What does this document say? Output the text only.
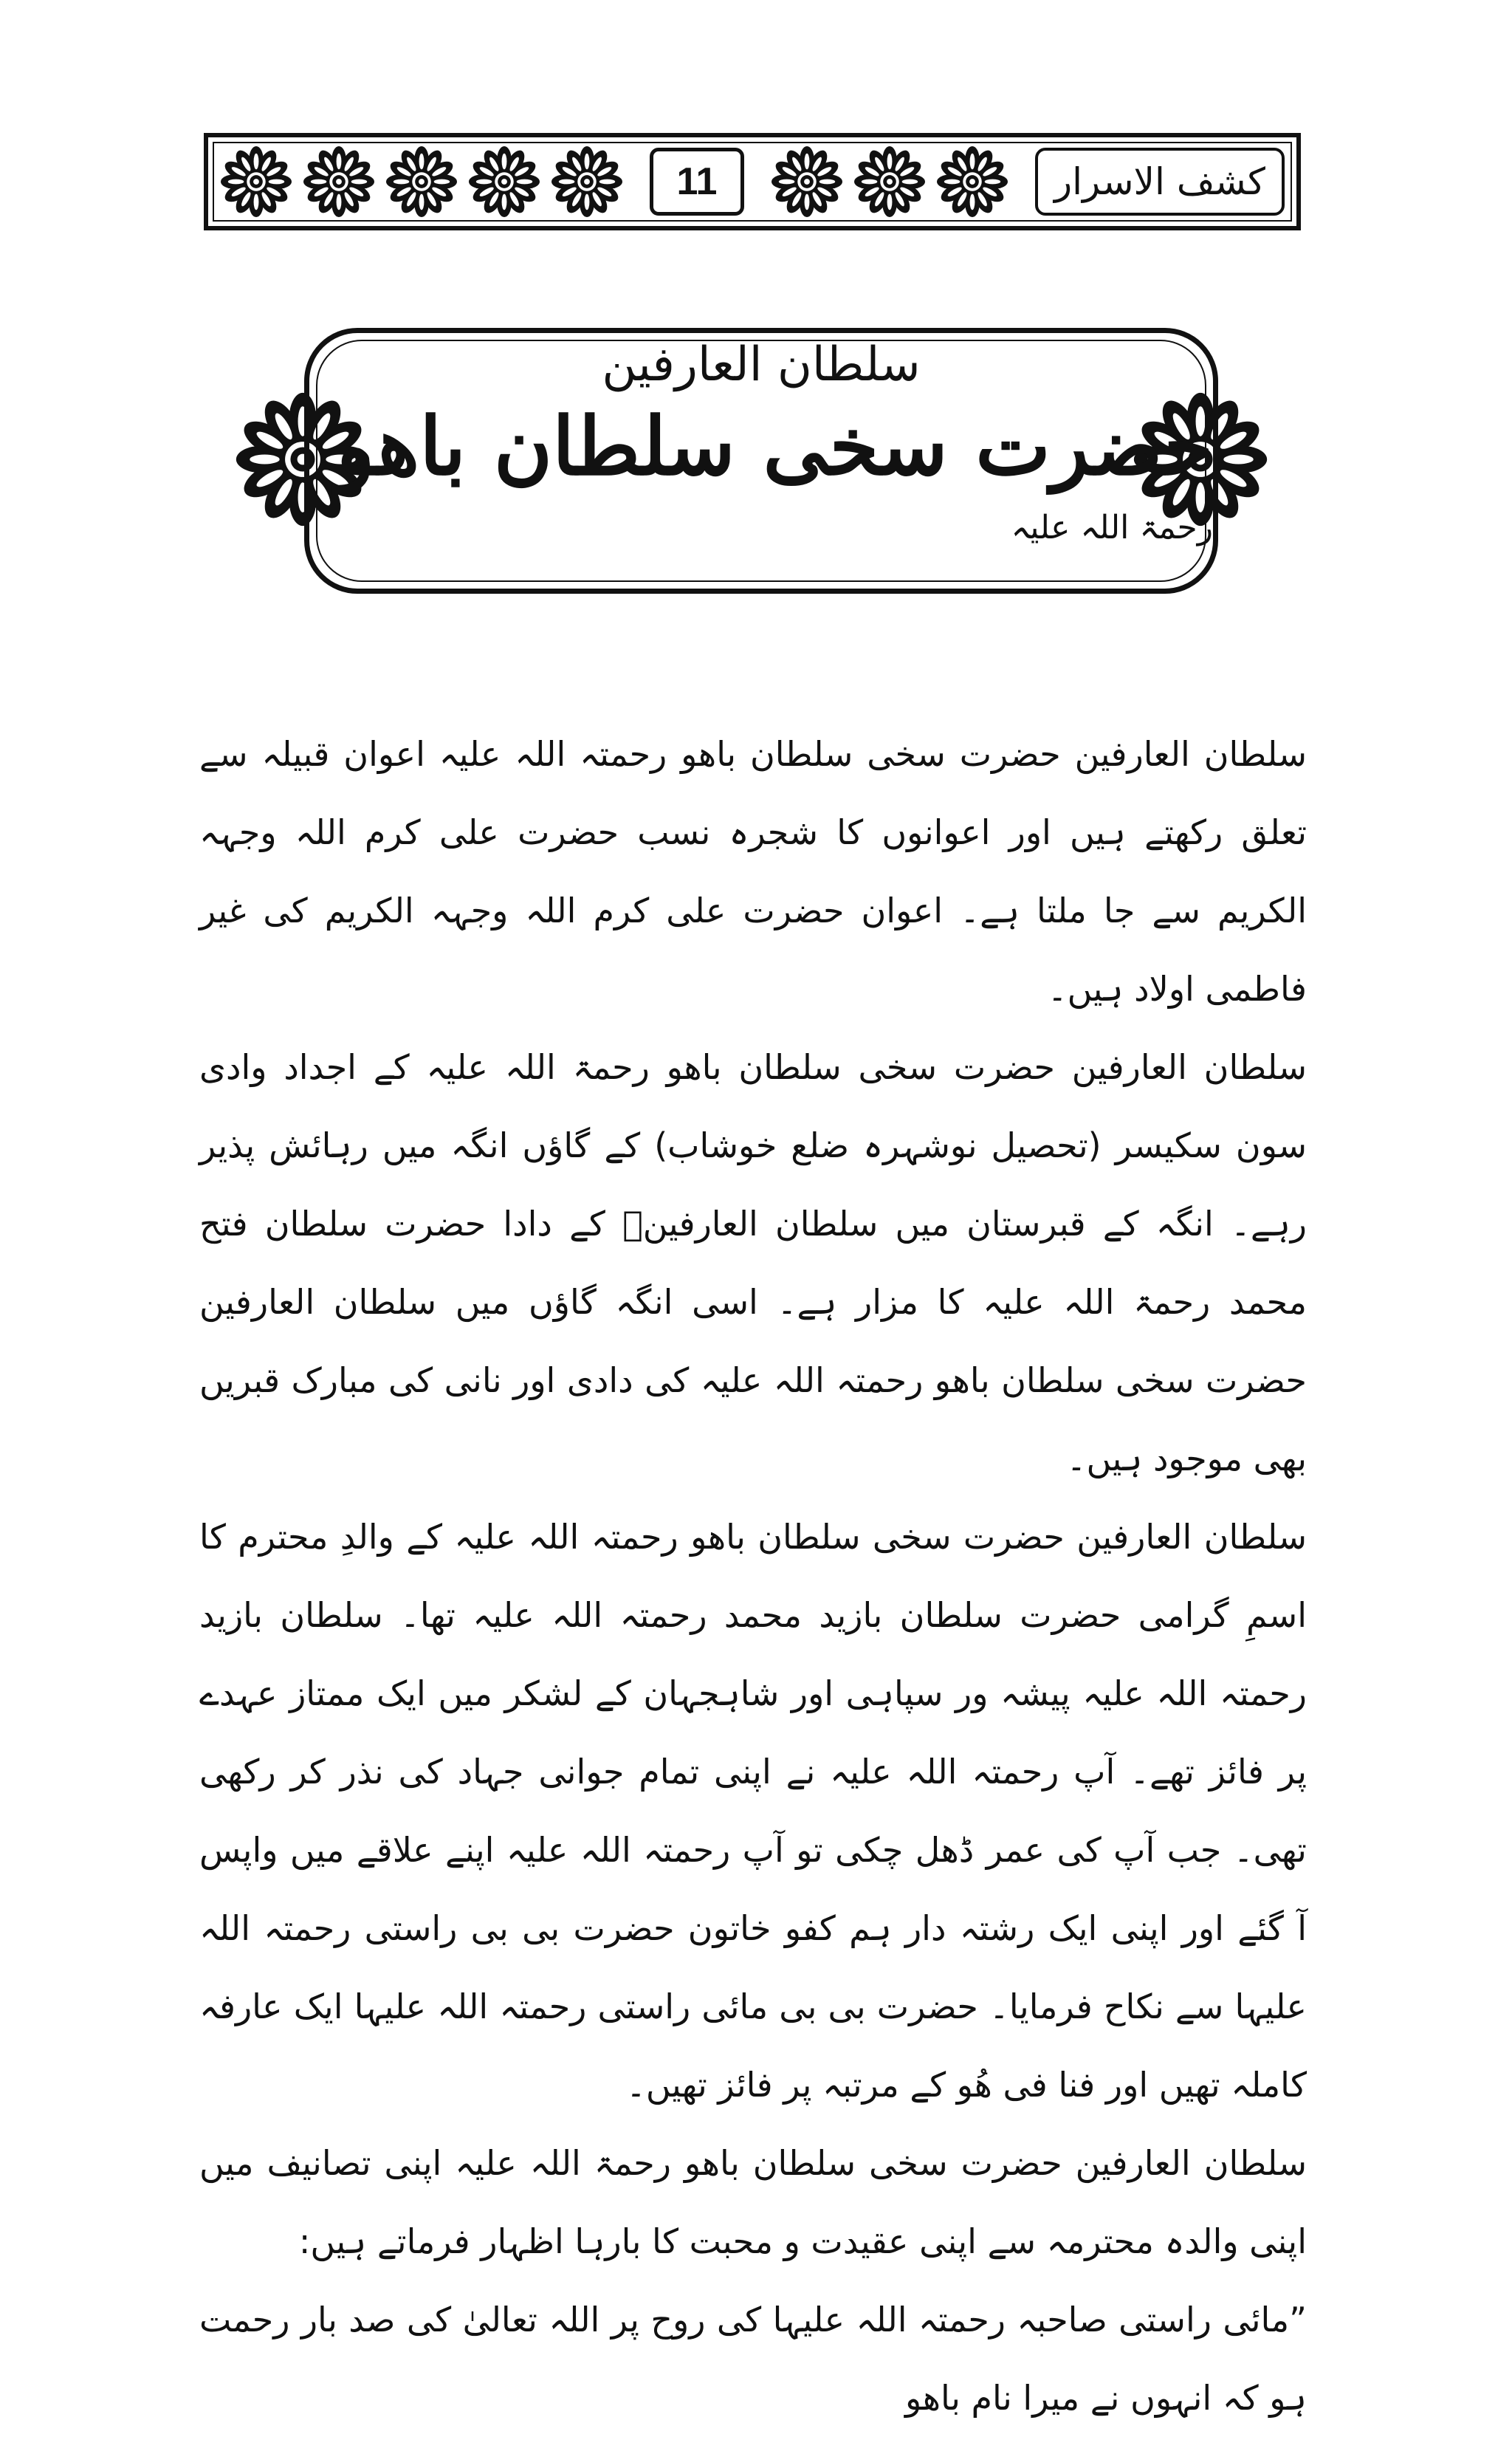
11	کشف الاسرار
سلطان العارفین
حضرت سخی سلطان باھو $^{رحمۃ اللہ علیہ}$

سلطان العارفین حضرت سخی سلطان باھو رحمتہ اللہ علیہ اعوان قبیلہ سے تعلق رکھتے ہیں اور اعوانوں کا شجرہ نسب حضرت علی کرم اللہ وجہہ الکریم سے جا ملتا ہے۔ اعوان حضرت علی کرم اللہ وجہہ الکریم کی غیر فاطمی اولاد ہیں۔

سلطان العارفین حضرت سخی سلطان باھو رحمۃ اللہ علیہ کے اجداد وادی سون سکیسر (تحصیل نوشہرہ ضلع خوشاب) کے گاؤں انگہ میں رہائش پذیر رہے۔ انگہ کے قبرستان میں سلطان العارفینؒ کے دادا حضرت سلطان فتح محمد رحمۃ اللہ علیہ کا مزار ہے۔ اسی انگہ گاؤں میں سلطان العارفین حضرت سخی سلطان باھو رحمتہ اللہ علیہ کی دادی اور نانی کی مبارک قبریں بھی موجود ہیں۔

سلطان العارفین حضرت سخی سلطان باھو رحمتہ اللہ علیہ کے والدِ محترم کا اسمِ گرامی حضرت سلطان بازید محمد رحمتہ اللہ علیہ تھا۔ سلطان بازید رحمتہ اللہ علیہ پیشہ ور سپاہی اور شاہجہان کے لشکر میں ایک ممتاز عہدے پر فائز تھے۔ آپ رحمتہ اللہ علیہ نے اپنی تمام جوانی جہاد کی نذر کر رکھی تھی۔ جب آپ کی عمر ڈھل چکی تو آپ رحمتہ اللہ علیہ اپنے علاقے میں واپس آ گئے اور اپنی ایک رشتہ دار ہم کفو خاتون حضرت بی بی راستی رحمتہ اللہ علیہا سے نکاح فرمایا۔ حضرت بی بی مائی راستی رحمتہ اللہ علیہا ایک عارفہ کاملہ تھیں اور فنا فی ھُو کے مرتبہ پر فائز تھیں۔

سلطان العارفین حضرت سخی سلطان باھو رحمۃ اللہ علیہ اپنی تصانیف میں اپنی والدہ محترمہ سے اپنی عقیدت و محبت کا بارہا اظہار فرماتے ہیں:

”مائی راستی صاحبہ رحمتہ اللہ علیہا کی روح پر اللہ تعالیٰ کی صد بار رحمت ہو کہ انہوں نے میرا نام باھو
